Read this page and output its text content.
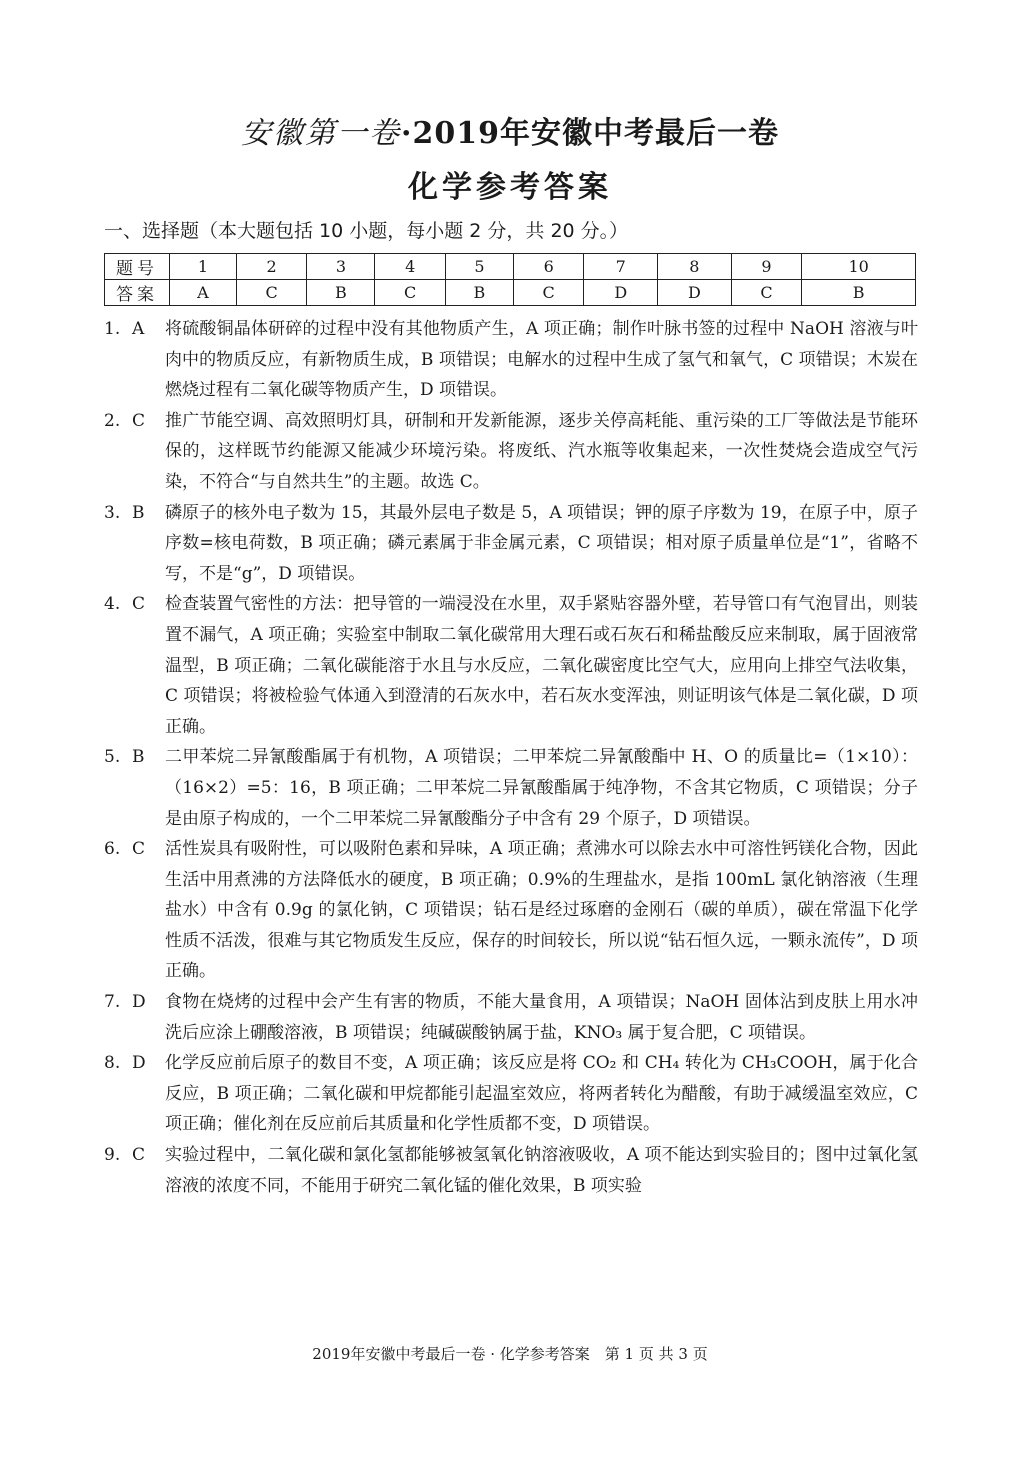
安徽第一卷·2019年安徽中考最后一卷
化学参考答案
一、选择题（本大题包括 10 小题，每小题 2 分，共 20 分。）
题号	1	2	3	4	5	6	7	8	9	10
答案	A	C	B	C	B	C	D	D	C	B
1. A	将硫酸铜晶体研碎的过程中没有其他物质产生，A 项正确；制作叶脉书签的过程中 NaOH 溶液与叶肉中的物质反应，有新物质生成，B 项错误；电解水的过程中生成了氢气和氧气，C 项错误；木炭在燃烧过程有二氧化碳等物质产生，D 项错误。
2. C	推广节能空调、高效照明灯具，研制和开发新能源，逐步关停高耗能、重污染的工厂等做法是节能环保的，这样既节约能源又能减少环境污染。将废纸、汽水瓶等收集起来，一次性焚烧会造成空气污染，不符合“与自然共生”的主题。故选 C。
3. B	磷原子的核外电子数为 15，其最外层电子数是 5，A 项错误；钾的原子序数为 19，在原子中，原子序数=核电荷数，B 项正确；磷元素属于非金属元素，C 项错误；相对原子质量单位是“1”，省略不写，不是“g”，D 项错误。
4. C	检查装置气密性的方法：把导管的一端浸没在水里，双手紧贴容器外壁，若导管口有气泡冒出，则装置不漏气，A 项正确；实验室中制取二氧化碳常用大理石或石灰石和稀盐酸反应来制取，属于固液常温型，B 项正确；二氧化碳能溶于水且与水反应，二氧化碳密度比空气大，应用向上排空气法收集，C 项错误；将被检验气体通入到澄清的石灰水中，若石灰水变浑浊，则证明该气体是二氧化碳，D 项正确。
5. B	二甲苯烷二异氰酸酯属于有机物，A 项错误；二甲苯烷二异氰酸酯中 H、O 的质量比=（1×10）：（16×2）=5：16，B 项正确；二甲苯烷二异氰酸酯属于纯净物，不含其它物质，C 项错误；分子是由原子构成的，一个二甲苯烷二异氰酸酯分子中含有 29 个原子，D 项错误。
6. C	活性炭具有吸附性，可以吸附色素和异味，A 项正确；煮沸水可以除去水中可溶性钙镁化合物，因此生活中用煮沸的方法降低水的硬度，B 项正确；0.9%的生理盐水，是指 100mL 氯化钠溶液（生理盐水）中含有 0.9g 的氯化钠，C 项错误；钻石是经过琢磨的金刚石（碳的单质），碳在常温下化学性质不活泼，很难与其它物质发生反应，保存的时间较长，所以说“钻石恒久远，一颗永流传”，D 项正确。
7. D	食物在烧烤的过程中会产生有害的物质，不能大量食用，A 项错误；NaOH 固体沾到皮肤上用水冲洗后应涂上硼酸溶液，B 项错误；纯碱碳酸钠属于盐，KNO₃ 属于复合肥，C 项错误。
8. D	化学反应前后原子的数目不变，A 项正确；该反应是将 CO₂ 和 CH₄ 转化为 CH₃COOH，属于化合反应，B 项正确；二氧化碳和甲烷都能引起温室效应，将两者转化为醋酸，有助于减缓温室效应，C 项正确；催化剂在反应前后其质量和化学性质都不变，D 项错误。
9. C	实验过程中，二氧化碳和氯化氢都能够被氢氧化钠溶液吸收，A 项不能达到实验目的；图中过氧化氢溶液的浓度不同，不能用于研究二氧化锰的催化效果，B 项实验
2019年安徽中考最后一卷 · 化学参考答案　第 1 页 共 3 页
